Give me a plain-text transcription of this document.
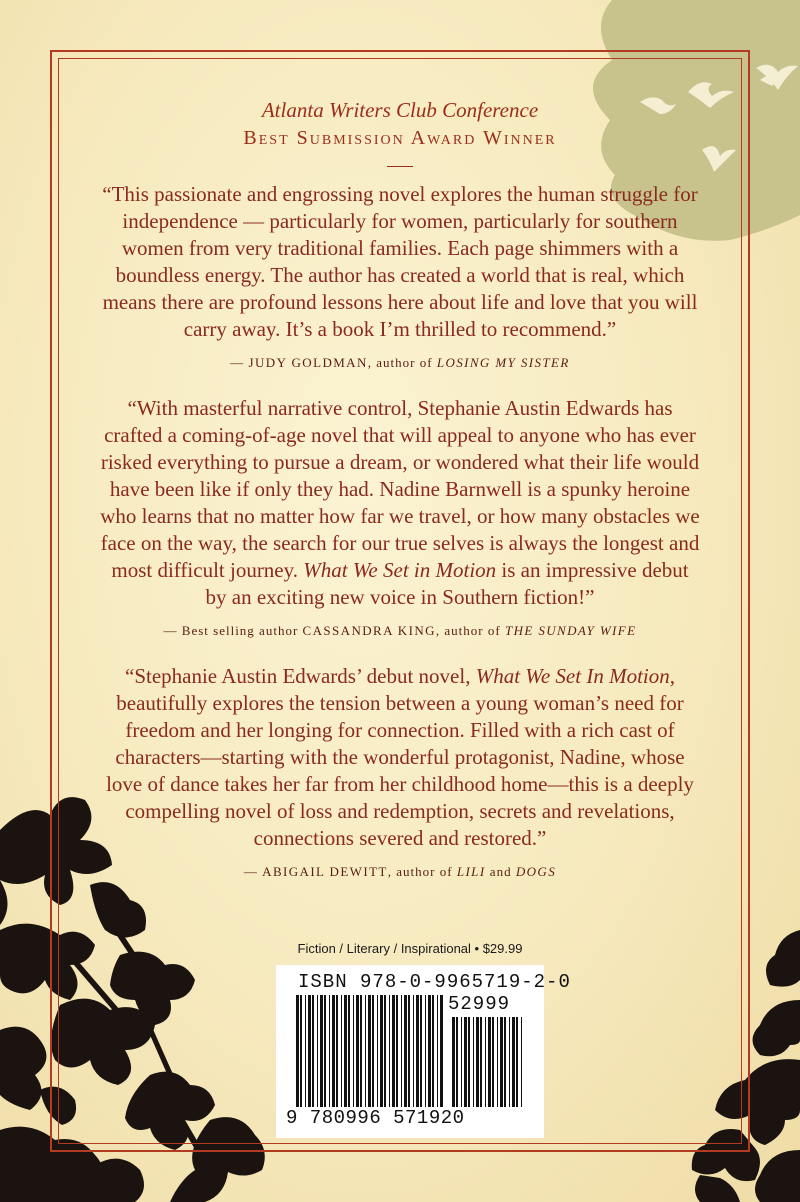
Atlanta Writers Club Conference

Best Submission Award Winner

“This passionate and engrossing novel explores the human struggle for independence — particularly for women, particularly for southern women from very traditional families. Each page shimmers with a boundless energy. The author has created a world that is real, which means there are profound lessons here about life and love that you will carry away. It’s a book I’m thrilled to recommend.”

— JUDY GOLDMAN, author of LOSING MY SISTER

“With masterful narrative control, Stephanie Austin Edwards has crafted a coming-of-age novel that will appeal to anyone who has ever risked everything to pursue a dream, or wondered what their life would have been like if only they had. Nadine Barnwell is a spunky heroine who learns that no matter how far we travel, or how many obstacles we face on the way, the search for our true selves is always the longest and most difficult journey. What We Set in Motion is an impressive debut by an exciting new voice in Southern fiction!”

— Best selling author CASSANDRA KING, author of THE SUNDAY WIFE

“Stephanie Austin Edwards’ debut novel, What We Set In Motion, beautifully explores the tension between a young woman’s need for freedom and her longing for connection. Filled with a rich cast of characters—starting with the wonderful protagonist, Nadine, whose love of dance takes her far from her childhood home—this is a deeply compelling novel of loss and redemption, secrets and revelations, connections severed and restored.”

— ABIGAIL DEWITT, author of LILI and DOGS

Fiction / Literary / Inspirational • $29.99
ISBN 978-0-9965719-2-0
52999
9 780996 571920
